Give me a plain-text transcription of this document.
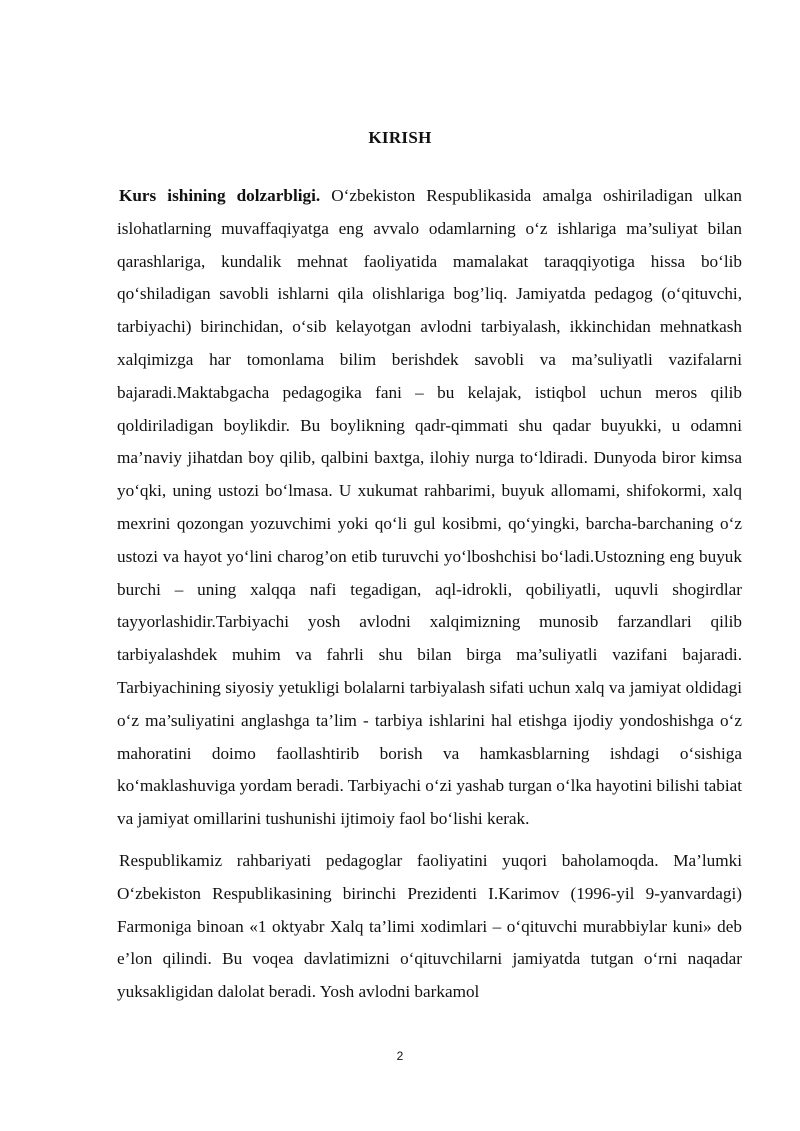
KIRISH

Kurs ishining dolzarbligi. O‘zbekiston Respublikasida amalga oshiriladigan ulkan islohatlarning muvaffaqiyatga eng avvalo odamlarning o‘z ishlariga ma’suliyat bilan qarashlariga, kundalik mehnat faoliyatida mamalakat taraqqiyotiga hissa bo‘lib qo‘shiladigan savobli ishlarni qila olishlariga bog’liq. Jamiyatda pedagog (o‘qituvchi, tarbiyachi) birinchidan, o‘sib kelayotgan avlodni tarbiyalash, ikkinchidan mehnatkash xalqimizga har tomonlama bilim berishdek savobli va ma’suliyatli vazifalarni bajaradi.Maktabgacha pedagogika fani – bu kelajak, istiqbol uchun meros qilib qoldiriladigan boylikdir. Bu boylikning qadr-qimmati shu qadar buyukki, u odamni ma’naviy jihatdan boy qilib, qalbini baxtga, ilohiy nurga to‘ldiradi. Dunyoda biror kimsa yo‘qki, uning ustozi bo‘lmasa. U xukumat rahbarimi, buyuk allomami, shifokormi, xalq mexrini qozongan yozuvchimi yoki qo‘li gul kosibmi, qo‘yingki, barcha-barchaning o‘z ustozi va hayot yo‘lini charog’on etib turuvchi yo‘lboshchisi bo‘ladi.Ustozning eng buyuk burchi – uning xalqqa nafi tegadigan, aql-idrokli, qobiliyatli, uquvli shogirdlar tayyorlashidir.Tarbiyachi yosh avlodni xalqimizning munosib farzandlari qilib tarbiyalashdek muhim va fahrli shu bilan birga ma’suliyatli vazifani bajaradi. Tarbiyachining siyosiy yetukligi bolalarni tarbiyalash sifati uchun xalq va jamiyat oldidagi o‘z ma’suliyatini anglashga ta’lim - tarbiya ishlarini hal etishga ijodiy yondoshishga o‘z mahoratini doimo faollashtirib borish va hamkasblarning ishdagi o‘sishiga ko‘maklashuviga yordam beradi. Tarbiyachi o‘zi yashab turgan o‘lka hayotini bilishi tabiat va jamiyat omillarini tushunishi ijtimoiy faol bo‘lishi kerak.

Respublikamiz rahbariyati pedagoglar faoliyatini yuqori baholamoqda. Ma’lumki O‘zbekiston Respublikasining birinchi Prezidenti I.Karimov (1996-yil 9-yanvardagi) Farmoniga binoan «1 oktyabr Xalq ta’limi xodimlari – o‘qituvchi murabbiylar kuni» deb e’lon qilindi. Bu voqea davlatimizni o‘qituvchilarni jamiyatda tutgan o‘rni naqadar yuksakligidan dalolat beradi. Yosh avlodni barkamol

2
